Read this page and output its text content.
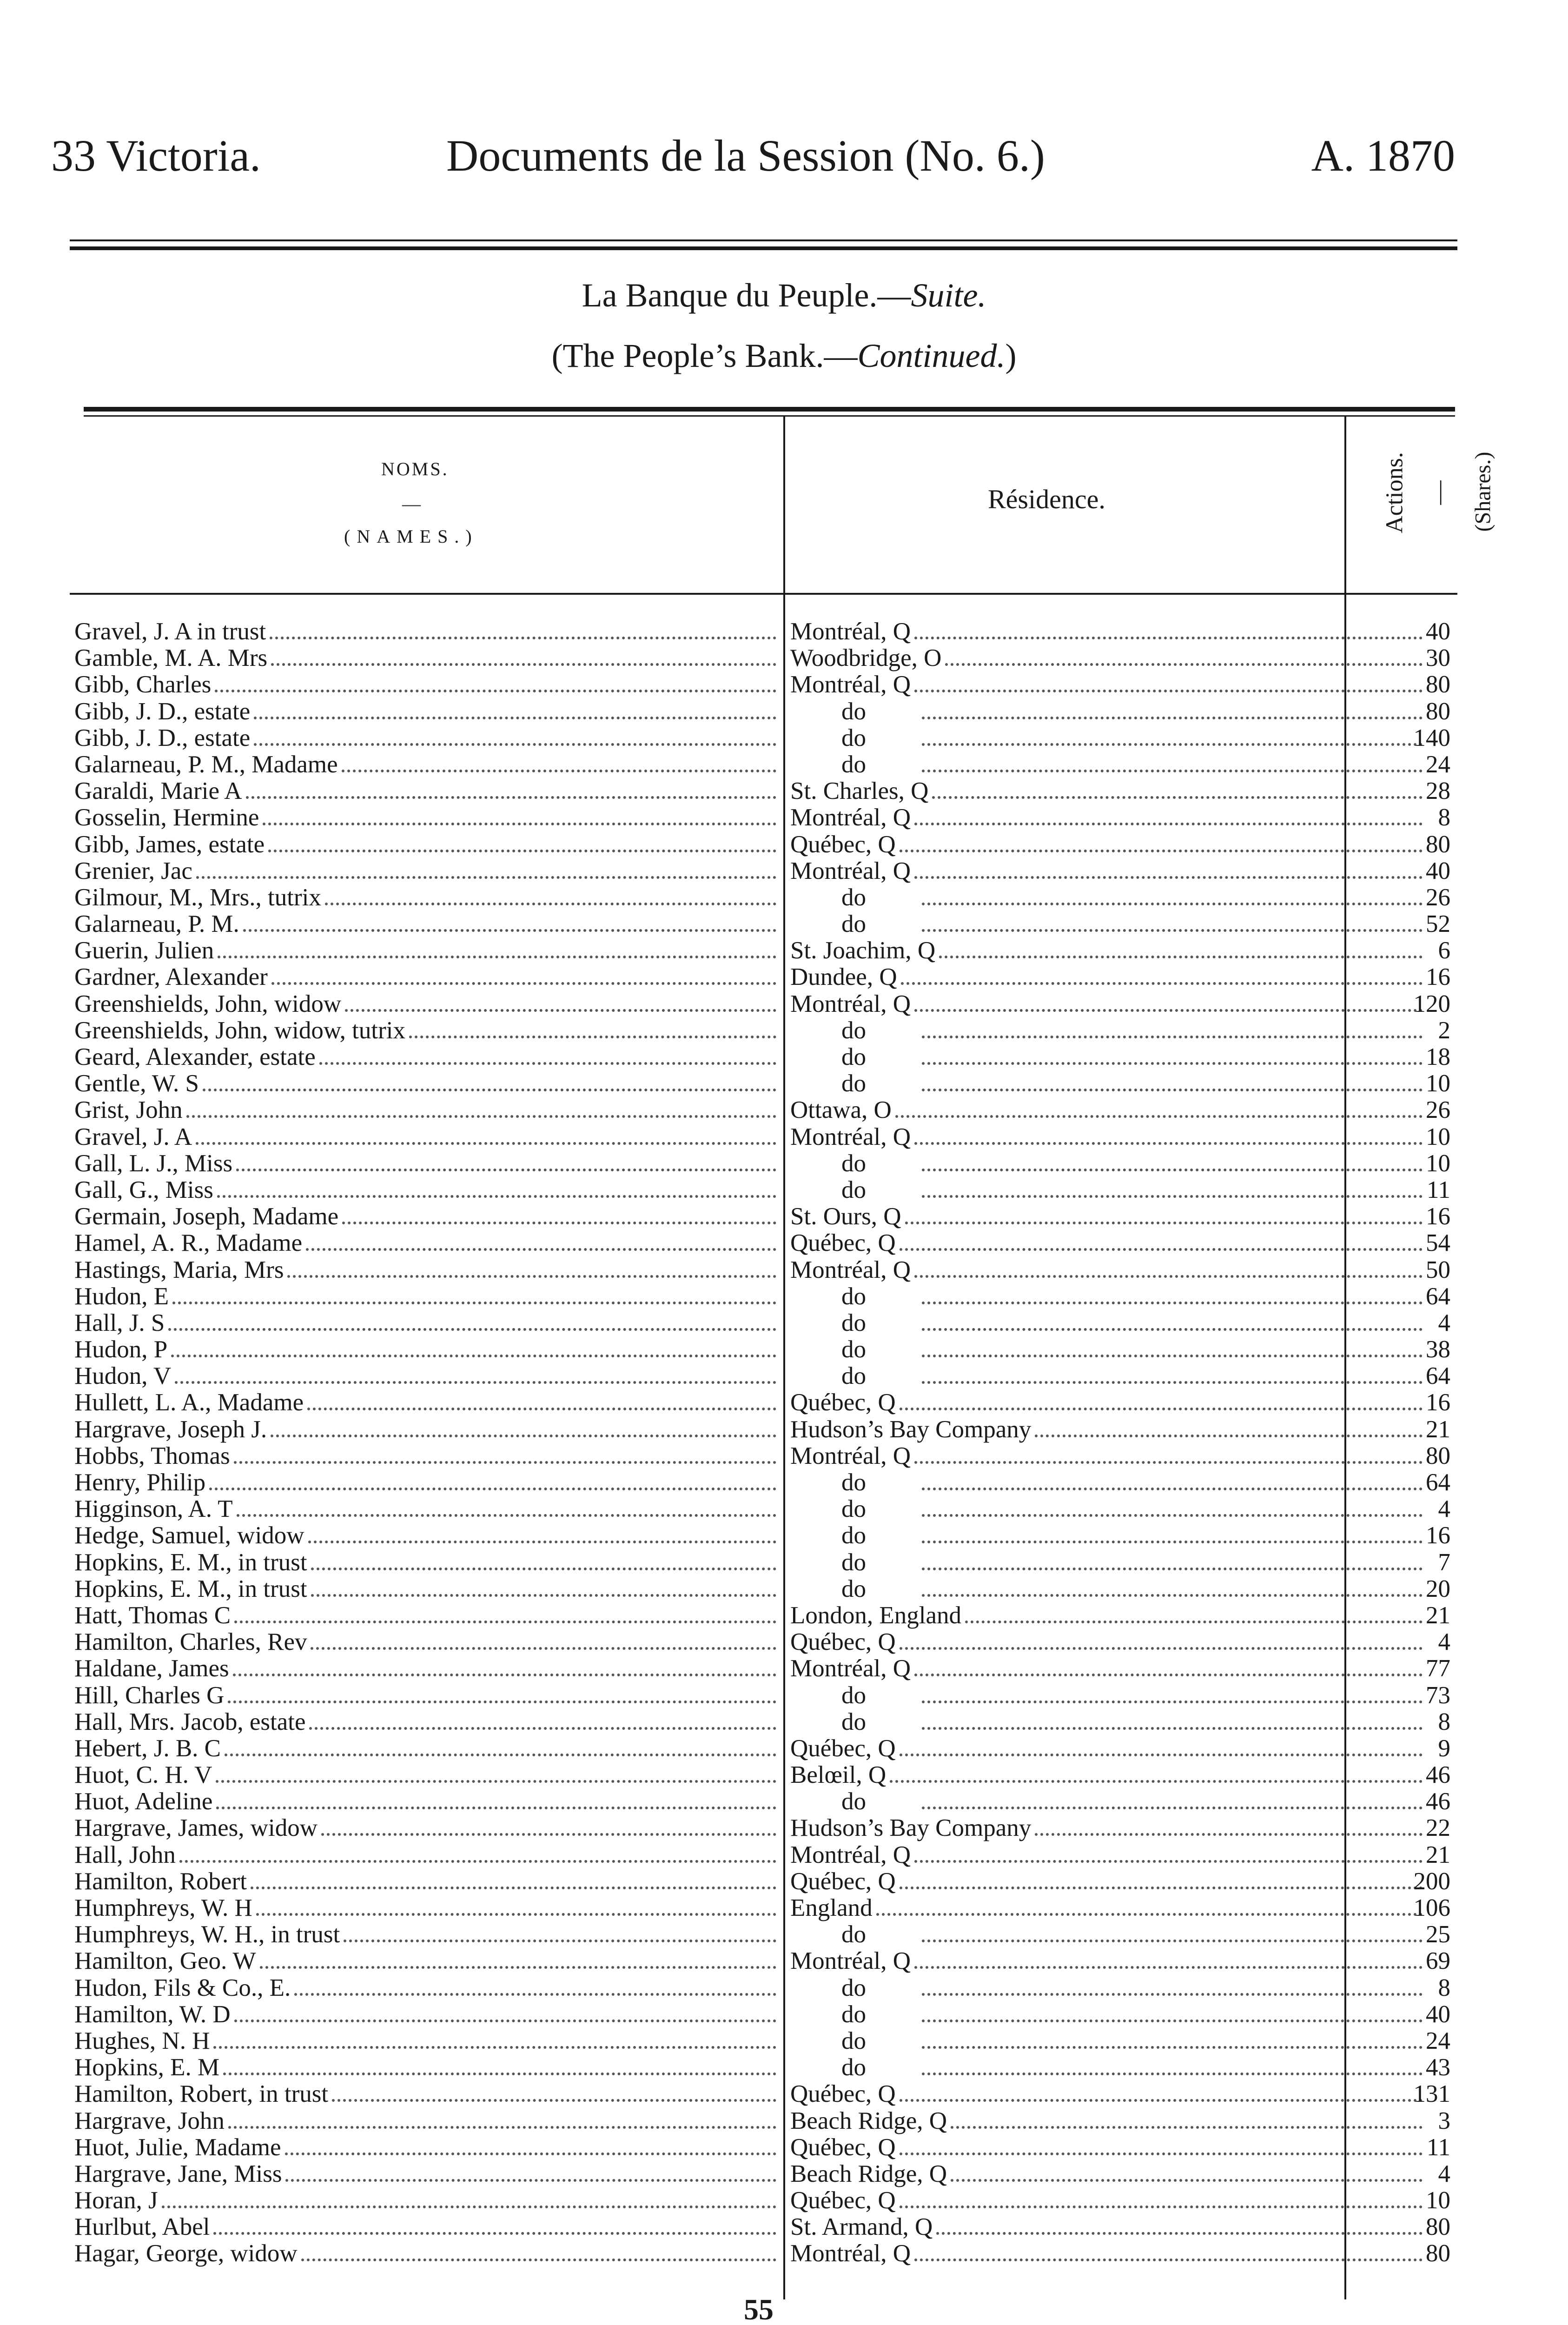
33 Victoria.	Documents de la Session (No. 6.)	A. 1870
La Banque du Peuple.—Suite.
(The People’s Bank.—Continued.)
NOMS.
—
(NAMES.)
Résidence.	Actions. — (Shares.)
Gravel, J. A in trust	Montréal, Q	40
Gamble, M. A. Mrs	Woodbridge, O	30
Gibb, Charles	Montréal, Q	80
Gibb, J. D., estate	do	80
Gibb, J. D., estate	do	140
Galarneau, P. M., Madame	do	24
Garaldi, Marie A	St. Charles, Q	28
Gosselin, Hermine	Montréal, Q	8
Gibb, James, estate	Québec, Q	80
Grenier, Jac	Montréal, Q	40
Gilmour, M., Mrs., tutrix	do	26
Galarneau, P. M.	do	52
Guerin, Julien	St. Joachim, Q	6
Gardner, Alexander	Dundee, Q	16
Greenshields, John, widow	Montréal, Q	120
Greenshields, John, widow, tutrix	do	2
Geard, Alexander, estate	do	18
Gentle, W. S	do	10
Grist, John	Ottawa, O	26
Gravel, J. A	Montréal, Q	10
Gall, L. J., Miss	do	10
Gall, G., Miss	do	11
Germain, Joseph, Madame	St. Ours, Q	16
Hamel, A. R., Madame	Québec, Q	54
Hastings, Maria, Mrs	Montréal, Q	50
Hudon, E	do	64
Hall, J. S	do	4
Hudon, P	do	38
Hudon, V	do	64
Hullett, L. A., Madame	Québec, Q	16
Hargrave, Joseph J.	Hudson’s Bay Company	21
Hobbs, Thomas	Montréal, Q	80
Henry, Philip	do	64
Higginson, A. T	do	4
Hedge, Samuel, widow	do	16
Hopkins, E. M., in trust	do	7
Hopkins, E. M., in trust	do	20
Hatt, Thomas C	London, England	21
Hamilton, Charles, Rev	Québec, Q	4
Haldane, James	Montréal, Q	77
Hill, Charles G	do	73
Hall, Mrs. Jacob, estate	do	8
Hebert, J. B. C	Québec, Q	9
Huot, C. H. V	Belœil, Q	46
Huot, Adeline	do	46
Hargrave, James, widow	Hudson’s Bay Company	22
Hall, John	Montréal, Q	21
Hamilton, Robert	Québec, Q	200
Humphreys, W. H	England	106
Humphreys, W. H., in trust	do	25
Hamilton, Geo. W	Montréal, Q	69
Hudon, Fils & Co., E.	do	8
Hamilton, W. D	do	40
Hughes, N. H	do	24
Hopkins, E. M	do	43
Hamilton, Robert, in trust	Québec, Q	131
Hargrave, John	Beach Ridge, Q	3
Huot, Julie, Madame	Québec, Q	11
Hargrave, Jane, Miss	Beach Ridge, Q	4
Horan, J	Québec, Q	10
Hurlbut, Abel	St. Armand, Q	80
Hagar, George, widow	Montréal, Q	80
55
